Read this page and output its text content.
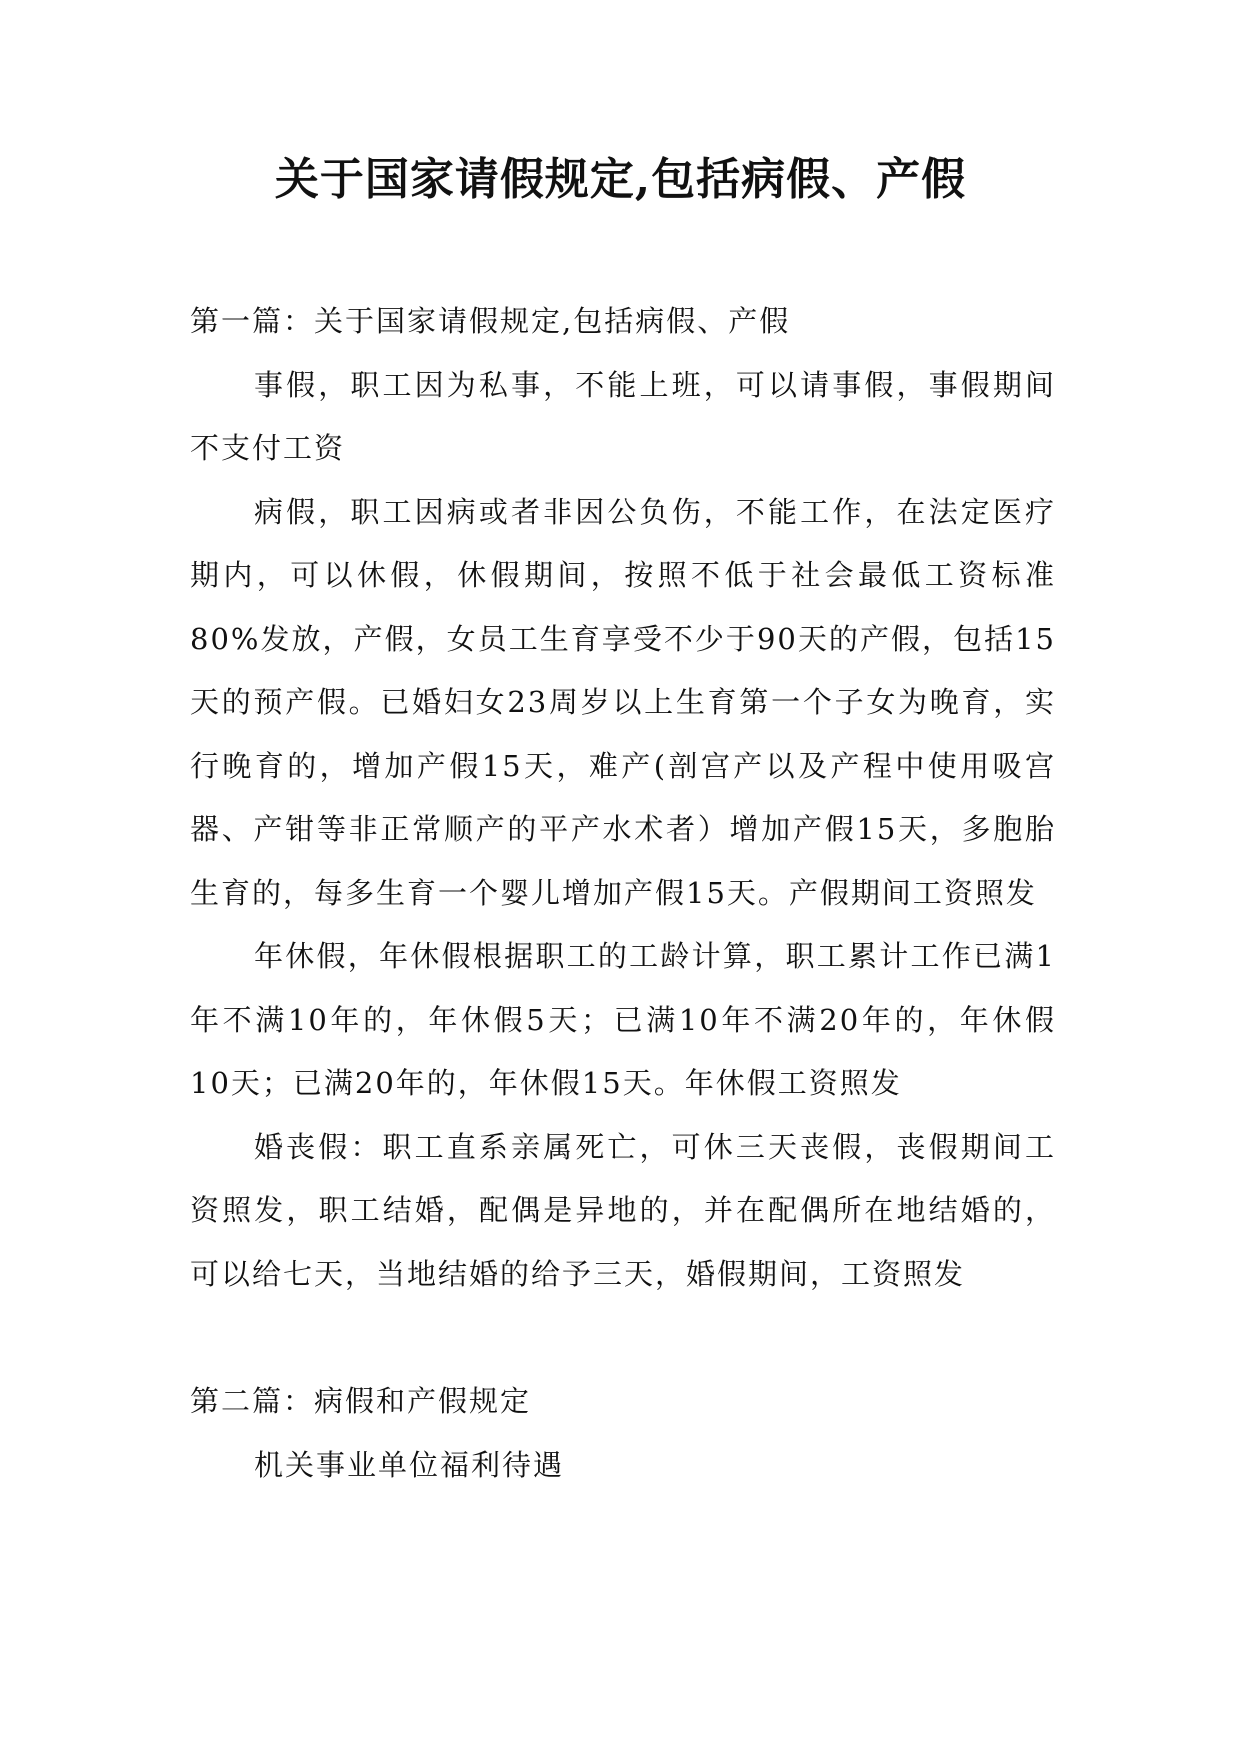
关于国家请假规定,包括病假、产假

第一篇：关于国家请假规定,包括病假、产假

事假，职工因为私事，不能上班，可以请事假，事假期间不支付工资

病假，职工因病或者非因公负伤，不能工作，在法定医疗期内，可以休假，休假期间，按照不低于社会最低工资标准80%发放，产假，女员工生育享受不少于90天的产假，包括15天的预产假。已婚妇女23周岁以上生育第一个子女为晚育，实行晚育的，增加产假15天，难产(剖宫产以及产程中使用吸宫器、产钳等非正常顺产的平产水术者）增加产假15天，多胞胎生育的，每多生育一个婴儿增加产假15天。产假期间工资照发

年休假，年休假根据职工的工龄计算，职工累计工作已满1年不满10年的，年休假5天；已满10年不满20年的，年休假10天；已满20年的，年休假15天。年休假工资照发

婚丧假：职工直系亲属死亡，可休三天丧假，丧假期间工资照发，职工结婚，配偶是异地的，并在配偶所在地结婚的，可以给七天，当地结婚的给予三天，婚假期间，工资照发

第二篇：病假和产假规定

机关事业单位福利待遇
